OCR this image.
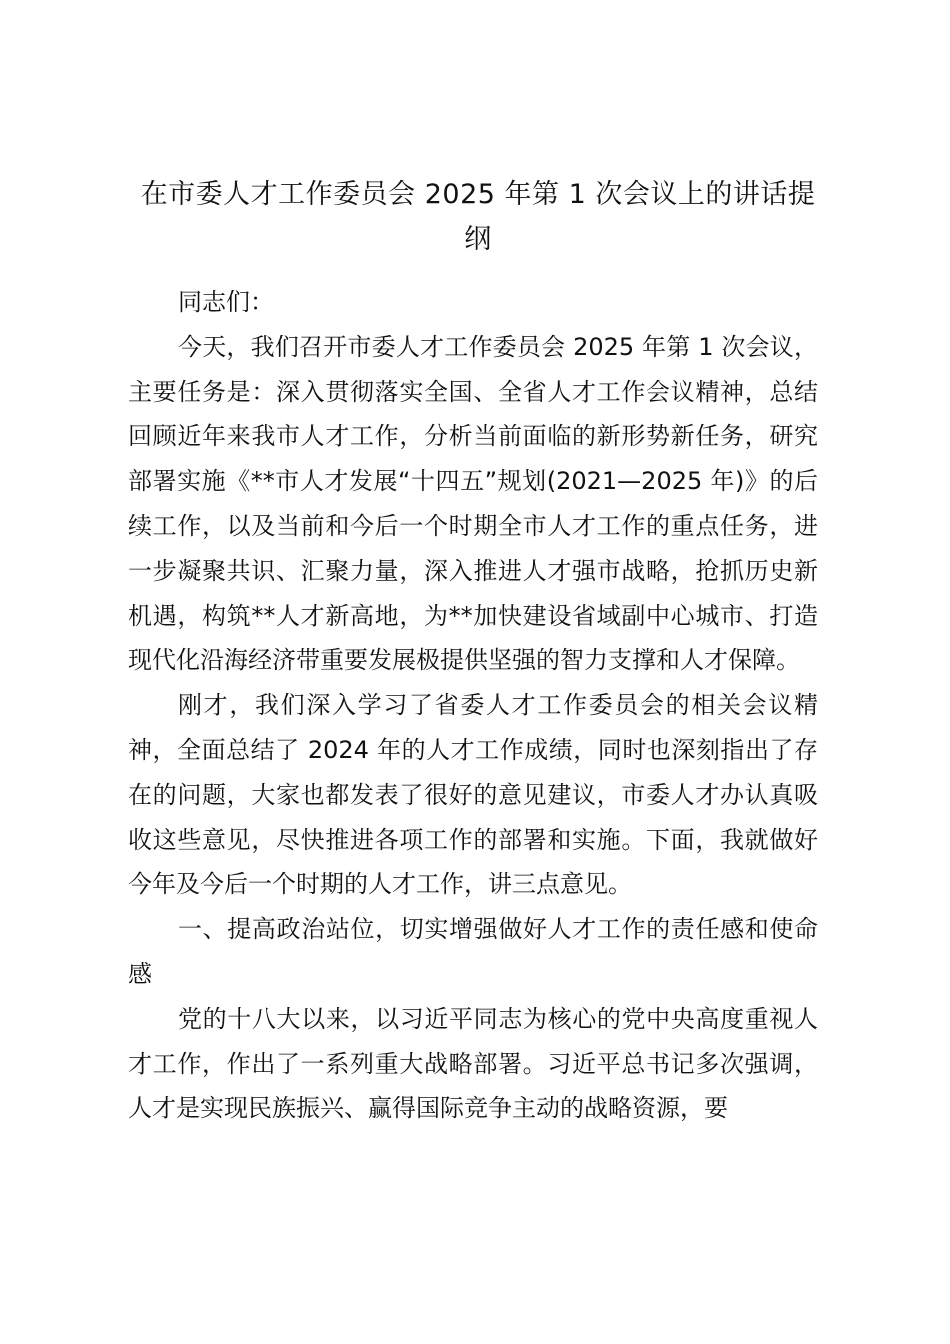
在市委人才工作委员会 2025 年第 1 次会议上的讲话提纲

同志们：

今天，我们召开市委人才工作委员会 2025 年第 1 次会议，主要任务是：深入贯彻落实全国、全省人才工作会议精神，总结回顾近年来我市人才工作，分析当前面临的新形势新任务，研究部署实施《**市人才发展“十四五”规划(2021—2025 年)》的后续工作，以及当前和今后一个时期全市人才工作的重点任务，进一步凝聚共识、汇聚力量，深入推进人才强市战略，抢抓历史新机遇，构筑**人才新高地，为**加快建设省域副中心城市、打造现代化沿海经济带重要发展极提供坚强的智力支撑和人才保障。

刚才，我们深入学习了省委人才工作委员会的相关会议精神，全面总结了 2024 年的人才工作成绩，同时也深刻指出了存在的问题，大家也都发表了很好的意见建议，市委人才办认真吸收这些意见，尽快推进各项工作的部署和实施。下面，我就做好今年及今后一个时期的人才工作，讲三点意见。

一、提高政治站位，切实增强做好人才工作的责任感和使命感

党的十八大以来，以习近平同志为核心的党中央高度重视人才工作，作出了一系列重大战略部署。习近平总书记多次强调，人才是实现民族振兴、赢得国际竞争主动的战略资源，要
